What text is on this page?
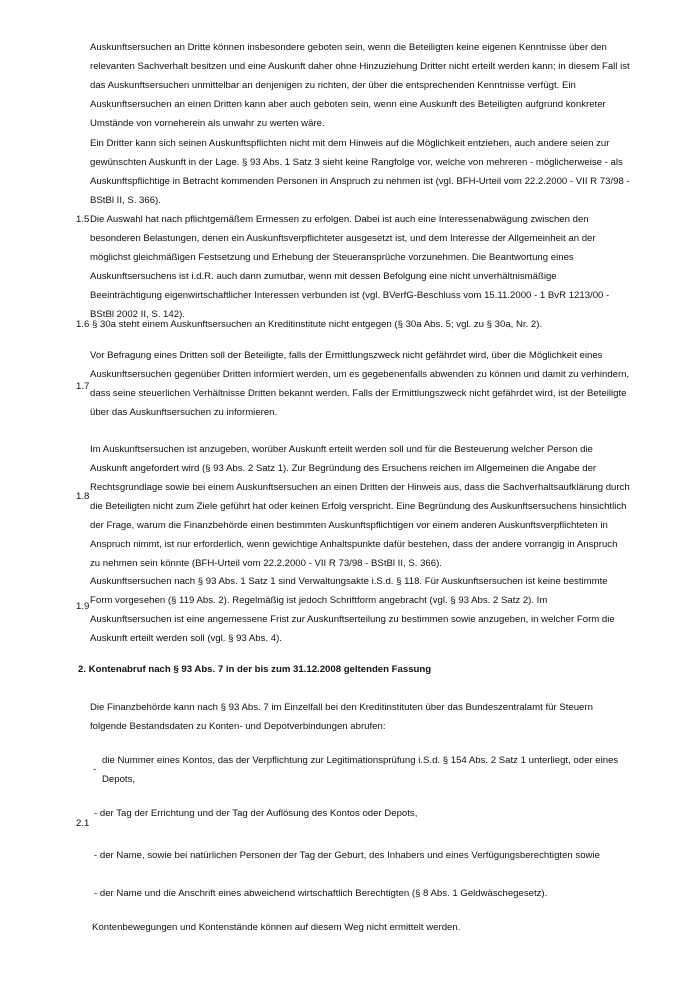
Auskunftsersuchen an Dritte können insbesondere geboten sein, wenn die Beteiligten keine eigenen Kenntnisse über den relevanten Sachverhalt besitzen und eine Auskunft daher ohne Hinzuziehung Dritter nicht erteilt werden kann; in diesem Fall ist das Auskunftsersuchen unmittelbar an denjenigen zu richten, der über die entsprechenden Kenntnisse verfügt. Ein Auskunftsersuchen an einen Dritten kann aber auch geboten sein, wenn eine Auskunft des Beteiligten aufgrund konkreter Umstände von vorneherein als unwahr zu werten wäre.

Ein Dritter kann sich seinen Auskunftspflichten nicht mit dem Hinweis auf die Möglichkeit entziehen, auch andere seien zur gewünschten Auskunft in der Lage. § 93 Abs. 1 Satz 3 sieht keine Rangfolge vor, welche von mehreren - möglicherweise - als Auskunftspflichtige in Betracht kommenden Personen in Anspruch zu nehmen ist (vgl. BFH-Urteil vom 22.2.2000 - VII R 73/98 - BStBl II, S. 366).

1.5 Die Auswahl hat nach pflichtgemäßem Ermessen zu erfolgen. Dabei ist auch eine Interessenabwägung zwischen den besonderen Belastungen, denen ein Auskunftsverpflichteter ausgesetzt ist, und dem Interesse der Allgemeinheit an der möglichst gleichmäßigen Festsetzung und Erhebung der Steueransprüche vorzunehmen. Die Beantwortung eines Auskunftsersuchens ist i.d.R. auch dann zumutbar, wenn mit dessen Befolgung eine nicht unverhältnismäßige Beeinträchtigung eigenwirtschaftlicher Interessen verbunden ist (vgl. BVerfG-Beschluss vom 15.11.2000 - 1 BvR 1213/00 - BStBl 2002 II, S. 142).

1.6 § 30a steht einem Auskunftsersuchen an Kreditinstitute nicht entgegen (§ 30a Abs. 5; vgl. zu § 30a, Nr. 2).

1.7

Vor Befragung eines Dritten soll der Beteiligte, falls der Ermittlungszweck nicht gefährdet wird, über die Möglichkeit eines Auskunftsersuchen gegenüber Dritten informiert werden, um es gegebenenfalls abwenden zu können und damit zu verhindern, dass seine steuerlichen Verhältnisse Dritten bekannt werden. Falls der Ermittlungszweck nicht gefährdet wird, ist der Beteiligte über das Auskunftsersuchen zu informieren.

1.8

Im Auskunftsersuchen ist anzugeben, worüber Auskunft erteilt werden soll und für die Besteuerung welcher Person die Auskunft angefordert wird (§ 93 Abs. 2 Satz 1). Zur Begründung des Ersuchens reichen im Allgemeinen die Angabe der Rechtsgrundlage sowie bei einem Auskunftsersuchen an einen Dritten der Hinweis aus, dass die Sachverhaltsaufklärung durch die Beteiligten nicht zum Ziele geführt hat oder keinen Erfolg verspricht. Eine Begründung des Auskunftsersuchens hinsichtlich der Frage, warum die Finanzbehörde einen bestimmten Auskunftspflichtigen vor einem anderen Auskunftsverpflichteten in Anspruch nimmt, ist nur erforderlich, wenn gewichtige Anhaltspunkte dafür bestehen, dass der andere vorrangig in Anspruch zu nehmen sein könnte (BFH-Urteil vom 22.2.2000 - VII R 73/98 - BStBl II, S. 366).

1.9

Auskunftsersuchen nach § 93 Abs. 1 Satz 1 sind Verwaltungsakte i.S.d. § 118. Für Auskunftsersuchen ist keine bestimmte Form vorgesehen (§ 119 Abs. 2). Regelmäßig ist jedoch Schriftform angebracht (vgl. § 93 Abs. 2 Satz 2). Im Auskunftsersuchen ist eine angemessene Frist zur Auskunftserteilung zu bestimmen sowie anzugeben, in welcher Form die Auskunft erteilt werden soll (vgl. § 93 Abs. 4).

2. Kontenabruf nach § 93 Abs. 7 in der bis zum 31.12.2008 geltenden Fassung

Die Finanzbehörde kann nach § 93 Abs. 7 im Einzelfall bei den Kreditinstituten über das Bundeszentralamt für Steuern folgende Bestandsdaten zu Konten- und Depotverbindungen abrufen:

-

die Nummer eines Kontos, das der Verpflichtung zur Legitimationsprüfung i.S.d. § 154 Abs. 2 Satz 1 unterliegt, oder eines Depots,

2.1

- der Tag der Errichtung und der Tag der Auflösung des Kontos oder Depots,

- der Name, sowie bei natürlichen Personen der Tag der Geburt, des Inhabers und eines Verfügungsberechtigten sowie

- der Name und die Anschrift eines abweichend wirtschaftlich Berechtigten (§ 8 Abs. 1 Geldwäschegesetz).

Kontenbewegungen und Kontenstände können auf diesem Weg nicht ermittelt werden.
